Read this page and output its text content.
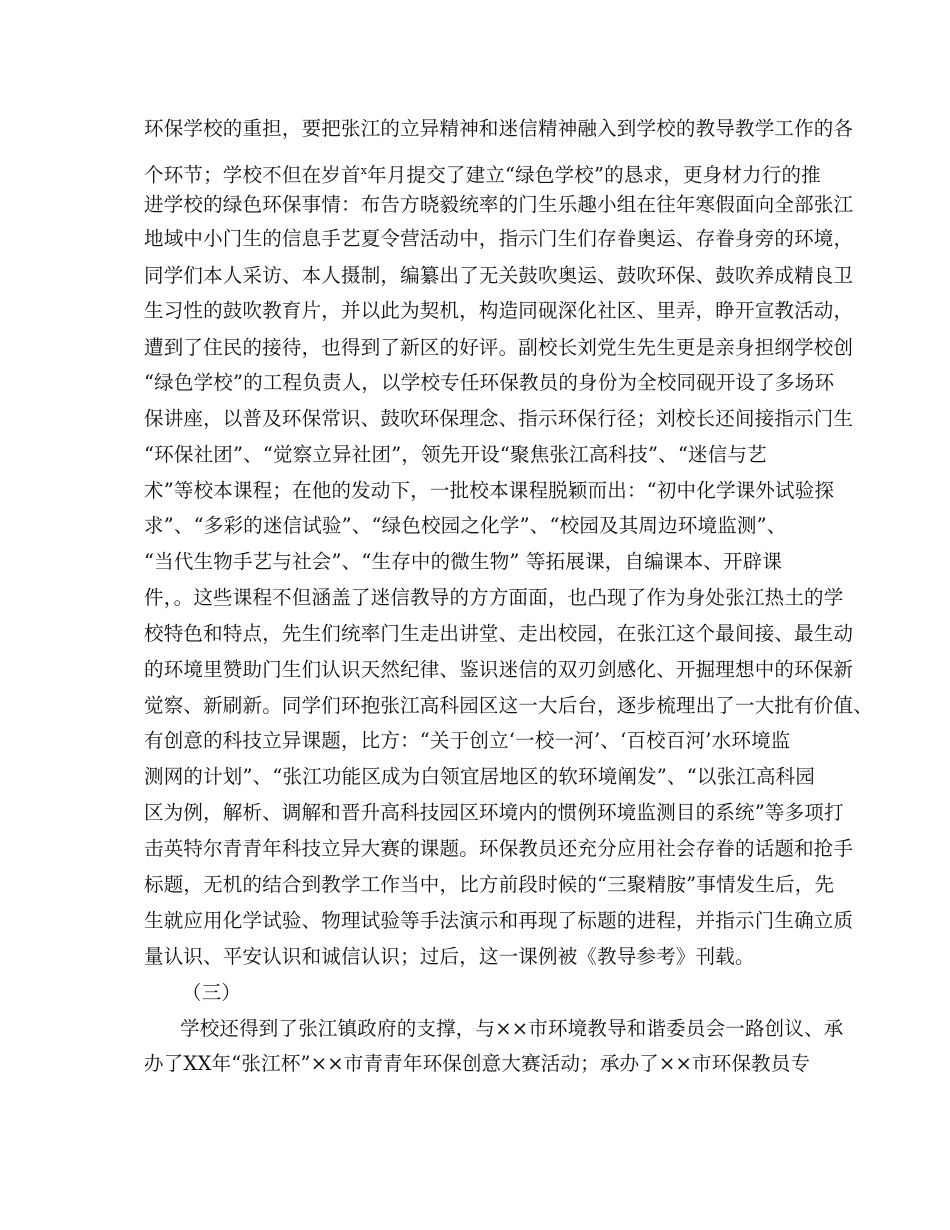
环保学校的重担，要把张江的立异精神和迷信精神融入到学校的教导教学工作的各
个环节；学校不但在岁首$^ⅹ$年月提交了建立“绿色学校”的恳求，更身材力行的推
进学校的绿色环保事情：布告方晓毅统率的门生乐趣小组在往年寒假面向全部张江
地域中小门生的信息手艺夏令营活动中，指示门生们存眷奥运、存眷身旁的环境，
同学们本人采访、本人摄制，编纂出了无关鼓吹奥运、鼓吹环保、鼓吹养成精良卫
生习性的鼓吹教育片，并以此为契机，构造同砚深化社区、里弄，睁开宣教活动，
遭到了住民的接待，也得到了新区的好评。副校长刘党生先生更是亲身担纲学校创
“绿色学校”的工程负责人，以学校专任环保教员的身份为全校同砚开设了多场环
保讲座，以普及环保常识、鼓吹环保理念、指示环保行径；刘校长还间接指示门生
“环保社团”、“觉察立异社团”，领先开设“聚焦张江高科技”、“迷信与艺
术”等校本课程；在他的发动下，一批校本课程脱颖而出：“初中化学课外试验探
求”、“多彩的迷信试验”、“绿色校园之化学”、“校园及其周边环境监测”、
“当代生物手艺与社会”、“生存中的微生物” 等拓展课，自编课本、开辟课
件，。这些课程不但涵盖了迷信教导的方方面面，也凸现了作为身处张江热土的学
校特色和特点，先生们统率门生走出讲堂、走出校园，在张江这个最间接、最生动
的环境里赞助门生们认识天然纪律、鉴识迷信的双刃剑感化、开掘理想中的环保新
觉察、新刷新。同学们环抱张江高科园区这一大后台，逐步梳理出了一大批有价值、
有创意的科技立异课题，比方：“关于创立‘一校一河’、‘百校百河’水环境监
测网的计划”、“张江功能区成为白领宜居地区的软环境阐发”、“以张江高科园
区为例，解析、调解和晋升高科技园区环境内的惯例环境监测目的系统”等多项打
击英特尔青青年科技立异大赛的课题。环保教员还充分应用社会存眷的话题和抢手
标题，无机的结合到教学工作当中，比方前段时候的“三聚精胺”事情发生后，先
生就应用化学试验、物理试验等手法演示和再现了标题的进程，并指示门生确立质
量认识、平安认识和诚信认识；过后，这一课例被《教导参考》刊载。
（三）
学校还得到了张江镇政府的支撑，与××市环境教导和谐委员会一路创议、承
办了XX年“张江杯”××市青青年环保创意大赛活动；承办了××市环保教员专
